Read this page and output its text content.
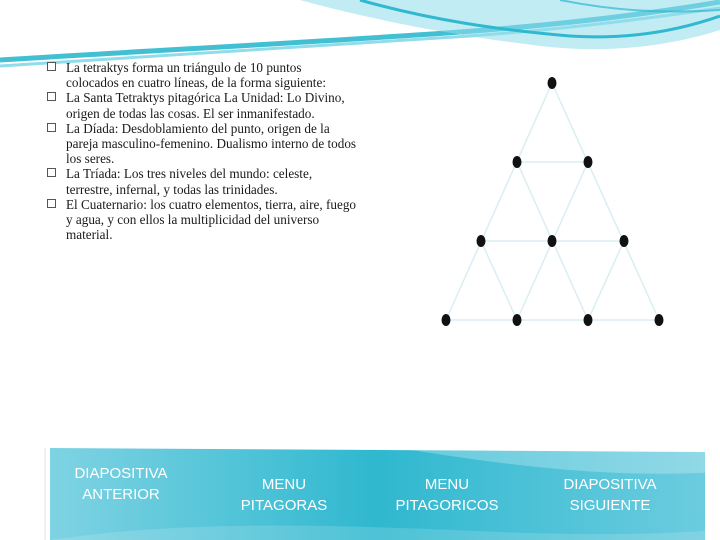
La tetraktys forma un triángulo de 10 puntos colocados en cuatro líneas, de la forma siguiente:
La Santa Tetraktys pitagórica La Unidad: Lo Divino, origen de todas las cosas. El ser inmanifestado.
La Díada: Desdoblamiento del punto, origen de la pareja masculino-femenino. Dualismo interno de todos los seres.
La Tríada: Los tres niveles del mundo: celeste, terrestre, infernal, y todas las trinidades.
El Cuaternario: los cuatro elementos, tierra, aire, fuego y agua, y con ellos la multiplicidad del universo material.
DIAPOSITIVA
ANTERIOR
MENU
PITAGORAS
MENU
PITAGORICOS
DIAPOSITIVA
SIGUIENTE
